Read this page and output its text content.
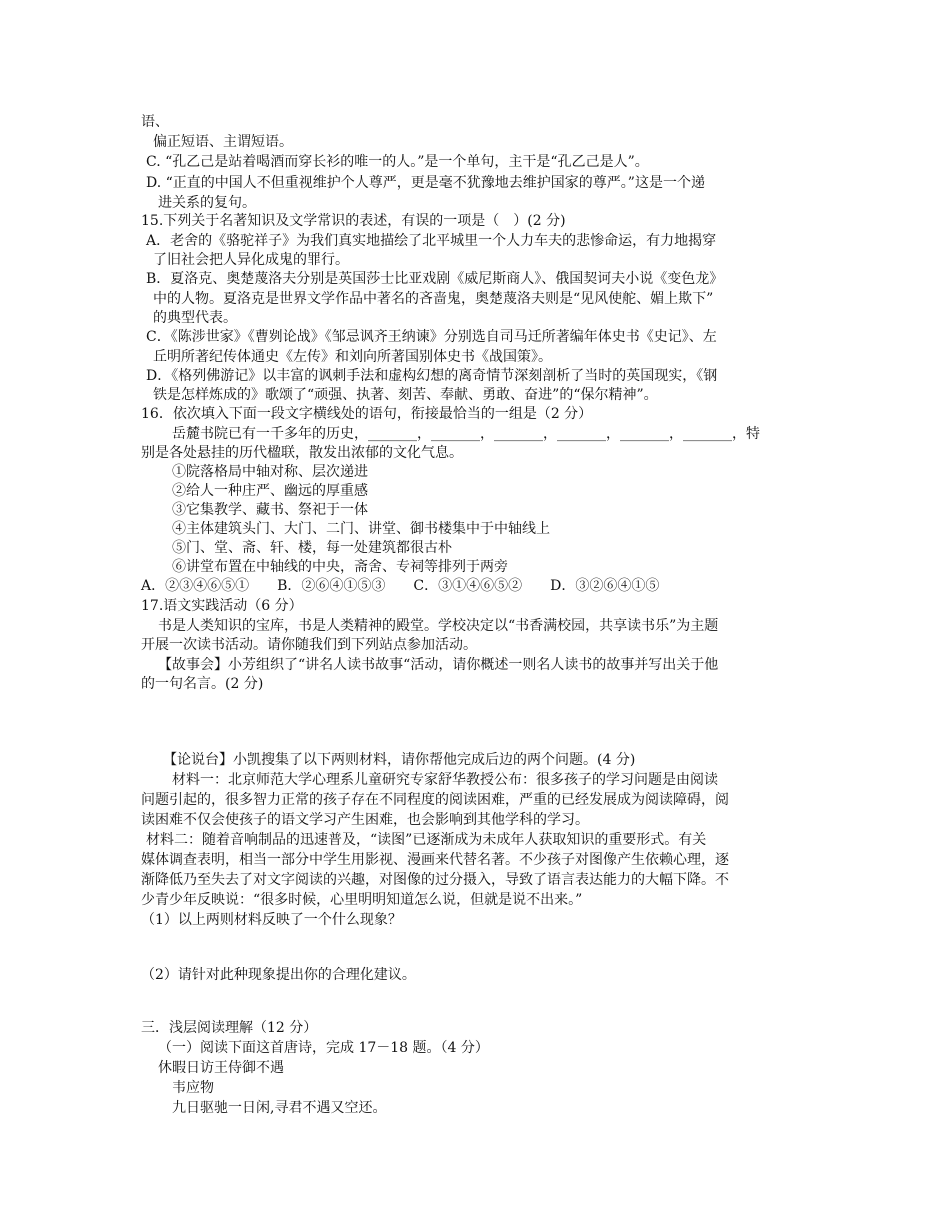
语、
偏正短语、主谓短语。
C. “孔乙己是站着喝酒而穿长衫的唯一的人。”是一个单句，主干是“孔乙己是人”。
D. “正直的中国人不但重视维护个人尊严，更是毫不犹豫地去维护国家的尊严。”这是一个递
进关系的复句。
15.下列关于名著知识及文学常识的表述，有误的一项是（　）(2 分)
A．老舍的《骆驼祥子》为我们真实地描绘了北平城里一个人力车夫的悲惨命运，有力地揭穿
了旧社会把人异化成鬼的罪行。
B．夏洛克、奥楚蔑洛夫分别是英国莎士比亚戏剧《威尼斯商人》、俄国契诃夫小说《变色龙》
中的人物。夏洛克是世界文学作品中著名的吝啬鬼，奥楚蔑洛夫则是“见风使舵、媚上欺下”
的典型代表。
C．《陈涉世家》《曹刿论战》《邹忌讽齐王纳谏》分别选自司马迁所著编年体史书《史记》、左
丘明所著纪传体通史《左传》和刘向所著国别体史书《战国策》。
D．《格列佛游记》以丰富的讽刺手法和虚构幻想的离奇情节深刻剖析了当时的英国现实，《钢
铁是怎样炼成的》歌颂了“顽强、执著、刻苦、奉献、勇敢、奋进”的“保尔精神”。
16．依次填入下面一段文字横线处的语句，衔接最恰当的一组是（2 分）
岳麓书院已有一千多年的历史，_______，_______，_______，_______，_______，_______，特
别是各处悬挂的历代楹联，散发出浓郁的文化气息。
①院落格局中轴对称、层次递进
②给人一种庄严、幽远的厚重感
③它集教学、藏书、祭祀于一体
④主体建筑头门、大门、二门、讲堂、御书楼集中于中轴线上
⑤门、堂、斋、轩、楼，每一处建筑都很古朴
⑥讲堂布置在中轴线的中央，斋舍、专祠等排列于两旁
A．②③④⑥⑤①　　B．②⑥④①⑤③　　C．③①④⑥⑤②　　D．③②⑥④①⑤
17.语文实践活动（6 分）
书是人类知识的宝库，书是人类精神的殿堂。学校决定以“书香满校园，共享读书乐”为主题
开展一次读书活动。请你随我们到下列站点参加活动。
【故事会】小芳组织了“讲名人读书故事“活动，请你概述一则名人读书的故事并写出关于他
的一句名言。(2 分)
【论说台】小凯搜集了以下两则材料，请你帮他完成后边的两个问题。(4 分)
材料一：北京师范大学心理系儿童研究专家舒华教授公布：很多孩子的学习问题是由阅读
问题引起的，很多智力正常的孩子存在不同程度的阅读困难，严重的已经发展成为阅读障碍，阅
读困难不仅会使孩子的语文学习产生困难，也会影响到其他学科的学习。
材料二：随着音响制品的迅速普及，“读图”已逐渐成为未成年人获取知识的重要形式。有关
媒体调查表明，相当一部分中学生用影视、漫画来代替名著。不少孩子对图像产生依赖心理，逐
渐降低乃至失去了对文字阅读的兴趣，对图像的过分摄入，导致了语言表达能力的大幅下降。不
少青少年反映说：“很多时候，心里明明知道怎么说，但就是说不出来。”
（1）以上两则材料反映了一个什么现象？
（2）请针对此种现象提出你的合理化建议。
三．浅层阅读理解（12 分）
（一）阅读下面这首唐诗，完成 17－18 题。（4 分）
休暇日访王侍御不遇
韦应物
九日驱驰一日闲,寻君不遇又空还。
